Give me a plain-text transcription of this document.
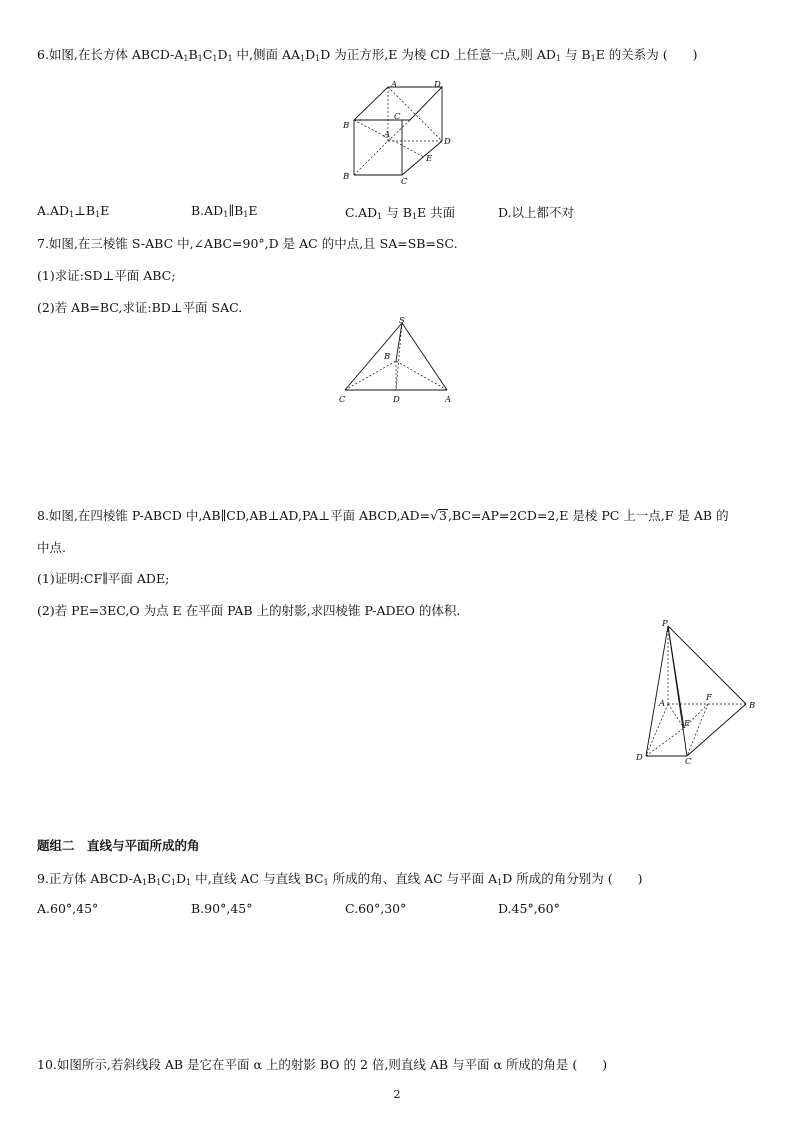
6.如图,在长方体 ABCD-$A_1B_1C_1D_1$ 中,侧面 $AA_1D_1D$ 为正方形,E 为棱 CD 上任意一点,则 $AD_1$ 与 $B_1E$ 的关系为 (　　)
A	D
B
C
A
D
E
B	C
$A.AD_1\perp B_1E$	$B.AD_1\parallel B_1E$	$C.AD_1$ 与 $B_1E$ 共面	D.以上都不对
7.如图,在三棱锥 S-ABC 中,∠ABC=90°,D 是 AC 的中点,且 SA=SB=SC.
(1)求证:SD⊥平面 ABC;
(2)若 AB=BC,求证:BD⊥平面 SAC.
S
B
C	D	A
8.如图,在四棱锥 P-ABCD 中,AB∥CD,AB⊥AD,PA⊥平面 ABCD,AD=√3,BC=AP=2CD=2,E 是棱 PC 上一点,F 是 AB 的
中点.
(1)证明:CF∥平面 ADE;
(2)若 PE=3EC,O 为点 E 在平面 PAB 上的射影,求四棱锥 P-ADEO 的体积.
P
F
B
A
E
D	C
题组二　直线与平面所成的角
9.正方体 ABCD-$A_1B_1C_1D_1$ 中,直线 AC 与直线 $BC_1$ 所成的角、直线 AC 与平面 $A_1D$ 所成的角分别为 (　　)
A.60°,45°	B.90°,45°	C.60°,30°	D.45°,60°
10.如图所示,若斜线段 AB 是它在平面 α 上的射影 BO 的 2 倍,则直线 AB 与平面 α 所成的角是 (　　)
2
